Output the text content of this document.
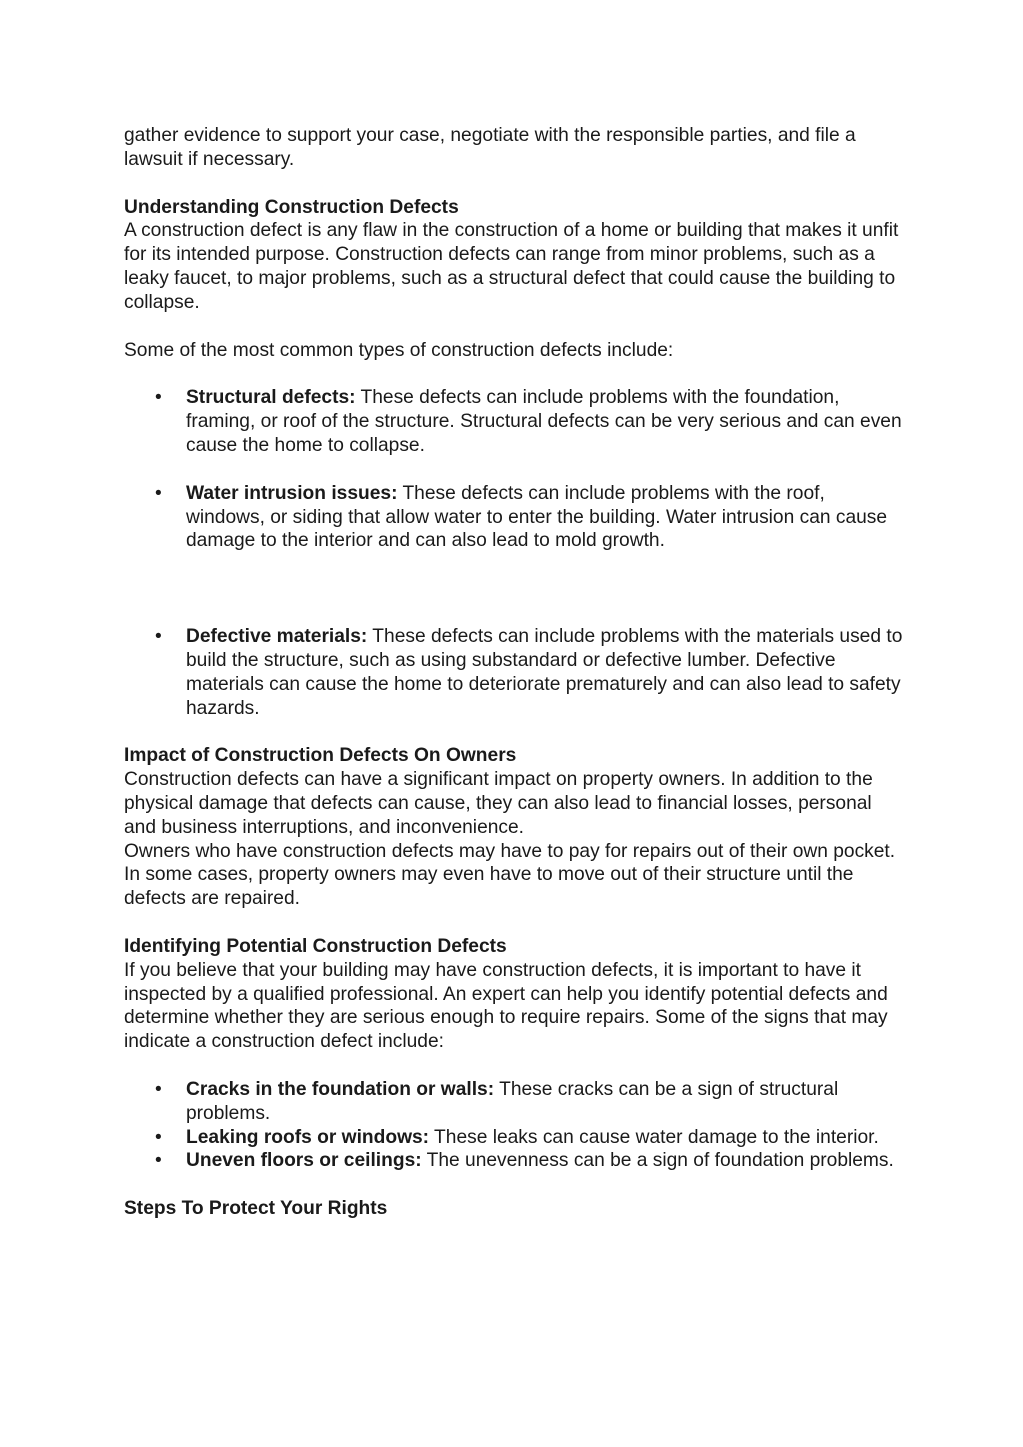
gather evidence to support your case, negotiate with the responsible parties, and file a lawsuit if necessary.

Understanding Construction Defects

A construction defect is any flaw in the construction of a home or building that makes it unfit for its intended purpose. Construction defects can range from minor problems, such as a leaky faucet, to major problems, such as a structural defect that could cause the building to collapse.

Some of the most common types of construction defects include:

• Structural defects: These defects can include problems with the foundation, framing, or roof of the structure. Structural defects can be very serious and can even cause the home to collapse.
• Water intrusion issues: These defects can include problems with the roof, windows, or siding that allow water to enter the building. Water intrusion can cause damage to the interior and can also lead to mold growth.
• Defective materials: These defects can include problems with the materials used to build the structure, such as using substandard or defective lumber. Defective materials can cause the home to deteriorate prematurely and can also lead to safety hazards.

Impact of Construction Defects On Owners

Construction defects can have a significant impact on property owners. In addition to the physical damage that defects can cause, they can also lead to financial losses, personal and business interruptions, and inconvenience.

Owners who have construction defects may have to pay for repairs out of their own pocket. In some cases, property owners may even have to move out of their structure until the defects are repaired.

Identifying Potential Construction Defects

If you believe that your building may have construction defects, it is important to have it inspected by a qualified professional. An expert can help you identify potential defects and determine whether they are serious enough to require repairs. Some of the signs that may indicate a construction defect include:

• Cracks in the foundation or walls: These cracks can be a sign of structural problems.
• Leaking roofs or windows: These leaks can cause water damage to the interior.
• Uneven floors or ceilings: The unevenness can be a sign of foundation problems.

Steps To Protect Your Rights
